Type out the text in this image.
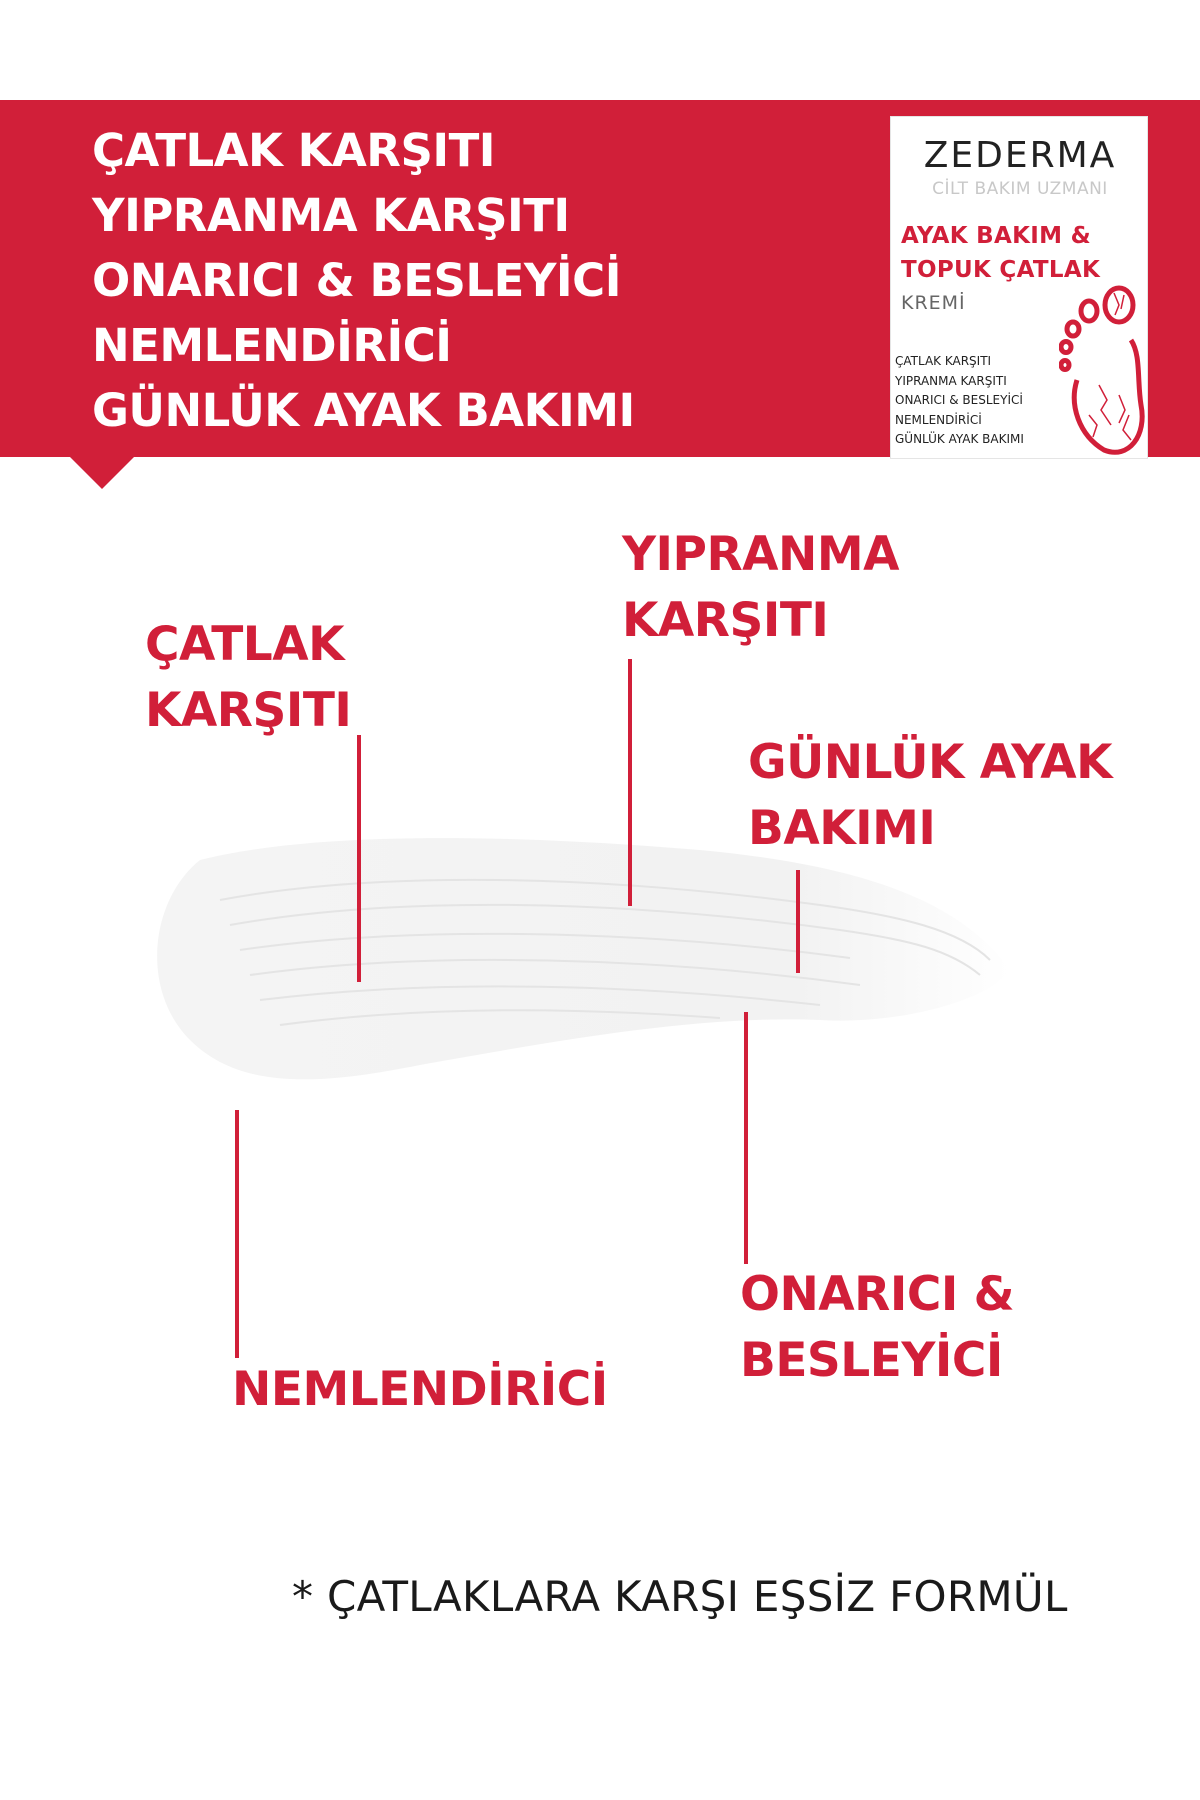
ÇATLAK KARŞITI
YIPRANMA KARŞITI
ONARICI & BESLEYİCİ
NEMLENDİRİCİ
GÜNLÜK AYAK BAKIMI
ZEDERMA
CİLT BAKIM UZMANI
AYAK BAKIM &
TOPUK ÇATLAK
KREMİ
ÇATLAK KARŞITI
YIPRANMA KARŞITI
ONARICI & BESLEYİCİ
NEMLENDİRİCİ
GÜNLÜK AYAK BAKIMI
ÇATLAK
KARŞITI
YIPRANMA
KARŞITI
GÜNLÜK AYAK
BAKIMI
ONARICI &
BESLEYİCİ
NEMLENDİRİCİ
* ÇATLAKLARA KARŞI EŞSİZ FORMÜL
